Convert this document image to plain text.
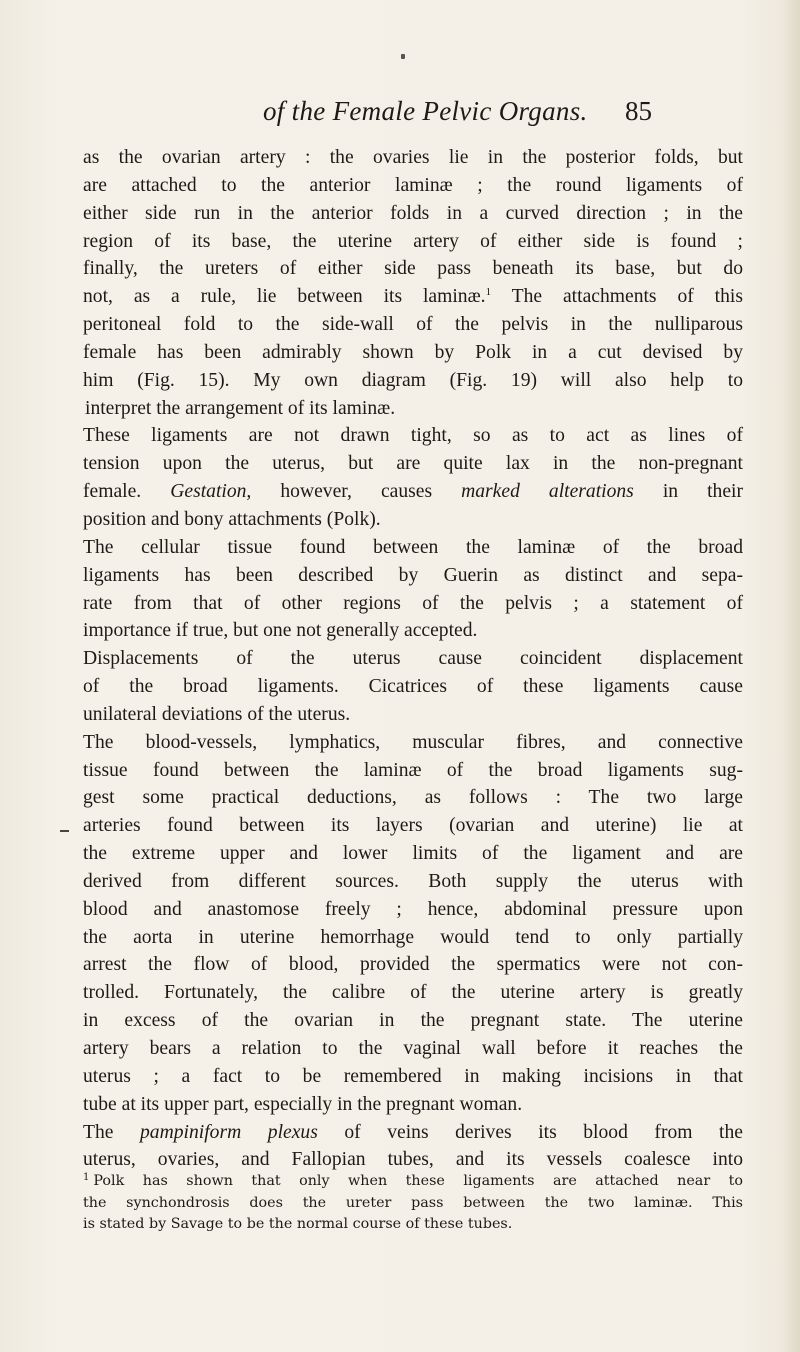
of the Female Pelvic Organs. 85
as the ovarian artery : the ovaries lie in the posterior folds, but
are attached to the anterior laminæ ; the round ligaments of
either side run in the anterior folds in a curved direction ; in the
region of its base, the uterine artery of either side is found ;
finally, the ureters of either side pass beneath its base, but do
not, as a rule, lie between its laminæ.$^1$ The attachments of this
peritoneal fold to the side-wall of the pelvis in the nulliparous
female has been admirably shown by Polk in a cut devised by
him (Fig. 15). My own diagram (Fig. 19) will also help to
interpret the arrangement of its laminæ.
These ligaments are not drawn tight, so as to act as lines of
tension upon the uterus, but are quite lax in the non-pregnant
female. Gestation, however, causes marked alterations in their
position and bony attachments (Polk).
The cellular tissue found between the laminæ of the broad
ligaments has been described by Guerin as distinct and sepa-
rate from that of other regions of the pelvis ; a statement of
importance if true, but one not generally accepted.
Displacements of the uterus cause coincident displacement
of the broad ligaments. Cicatrices of these ligaments cause
unilateral deviations of the uterus.
The blood-vessels, lymphatics, muscular fibres, and connective
tissue found between the laminæ of the broad ligaments sug-
gest some practical deductions, as follows : The two large
arteries found between its layers (ovarian and uterine) lie at
the extreme upper and lower limits of the ligament and are
derived from different sources. Both supply the uterus with
blood and anastomose freely ; hence, abdominal pressure upon
the aorta in uterine hemorrhage would tend to only partially
arrest the flow of blood, provided the spermatics were not con-
trolled. Fortunately, the calibre of the uterine artery is greatly
in excess of the ovarian in the pregnant state. The uterine
artery bears a relation to the vaginal wall before it reaches the
uterus ; a fact to be remembered in making incisions in that
tube at its upper part, especially in the pregnant woman.
The pampiniform plexus of veins derives its blood from the
uterus, ovaries, and Fallopian tubes, and its vessels coalesce into
$^1$ Polk has shown that only when these ligaments are attached near to
the synchondrosis does the ureter pass between the two laminæ. This
is stated by Savage to be the normal course of these tubes.
